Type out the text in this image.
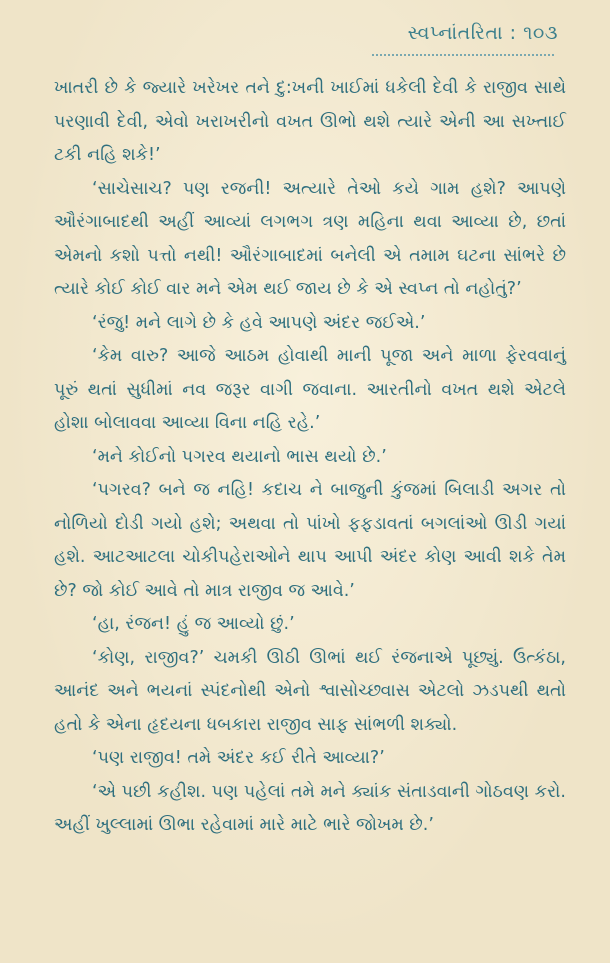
સ્વપ્નાંતરિતા : ૧૦૩

ખાતરી છે કે જ્યારે ખરેખર તને દુ:ખની ખાઈમાં ધકેલી દેવી કે રાજીવ સાથે પરણાવી દેવી, એવો ખરાખરીનો વખત ઊભો થશે ત્યારે એની આ સખ્તાઈ ટકી નહિ શકે!’

‘સાચેસાચ? પણ રજની! અત્યારે તેઓ કયે ગામ હશે? આપણે ઔરંગાબાદથી અહીં આવ્યાં લગભગ ત્રણ મહિના થવા આવ્યા છે, છતાં એમનો કશો પત્તો નથી! ઔરંગાબાદમાં બનેલી એ તમામ ઘટના સાંભરે છે ત્યારે કોઈ કોઈ વાર મને એમ થઈ જાય છે કે એ સ્વપ્ન તો નહોતું?’

‘રંજુ! મને લાગે છે કે હવે આપણે અંદર જઈએ.’

‘કેમ વારુ? આજે આઠમ હોવાથી માની પૂજા અને માળા ફેરવવાનું પૂરું થતાં સુધીમાં નવ જરૂર વાગી જવાના. આરતીનો વખત થશે એટલે હોશા બોલાવવા આવ્યા વિના નહિ રહે.’

‘મને કોઈનો પગરવ થયાનો ભાસ થયો છે.’

‘પગરવ? બને જ નહિ! કદાચ ને બાજુની કુંજમાં બિલાડી અગર તો નોળિયો દોડી ગયો હશે; અથવા તો પાંખો ફફડાવતાં બગલાંઓ ઊડી ગયાં હશે. આટઆટલા ચોકીપહેરાઓને થાપ આપી અંદર કોણ આવી શકે તેમ છે? જો કોઈ આવે તો માત્ર રાજીવ જ આવે.’

‘હા, રંજન! હું જ આવ્યો છું.’

‘કોણ, રાજીવ?’ ચમકી ઊઠી ઊભાં થઈ રંજનાએ પૂછ્યું. ઉત્કંઠા, આનંદ અને ભયનાં સ્પંદનોથી એનો શ્વાસોચ્છ્વાસ એટલો ઝડપથી થતો હતો કે એના હૃદયના ધબકારા રાજીવ સાફ સાંભળી શક્યો.

‘પણ રાજીવ! તમે અંદર કઈ રીતે આવ્યા?’

‘એ પછી કહીશ. પણ પહેલાં તમે મને ક્યાંક સંતાડવાની ગોઠવણ કરો. અહીં ખુલ્લામાં ઊભા રહેવામાં મારે માટે ભારે જોખમ છે.’
